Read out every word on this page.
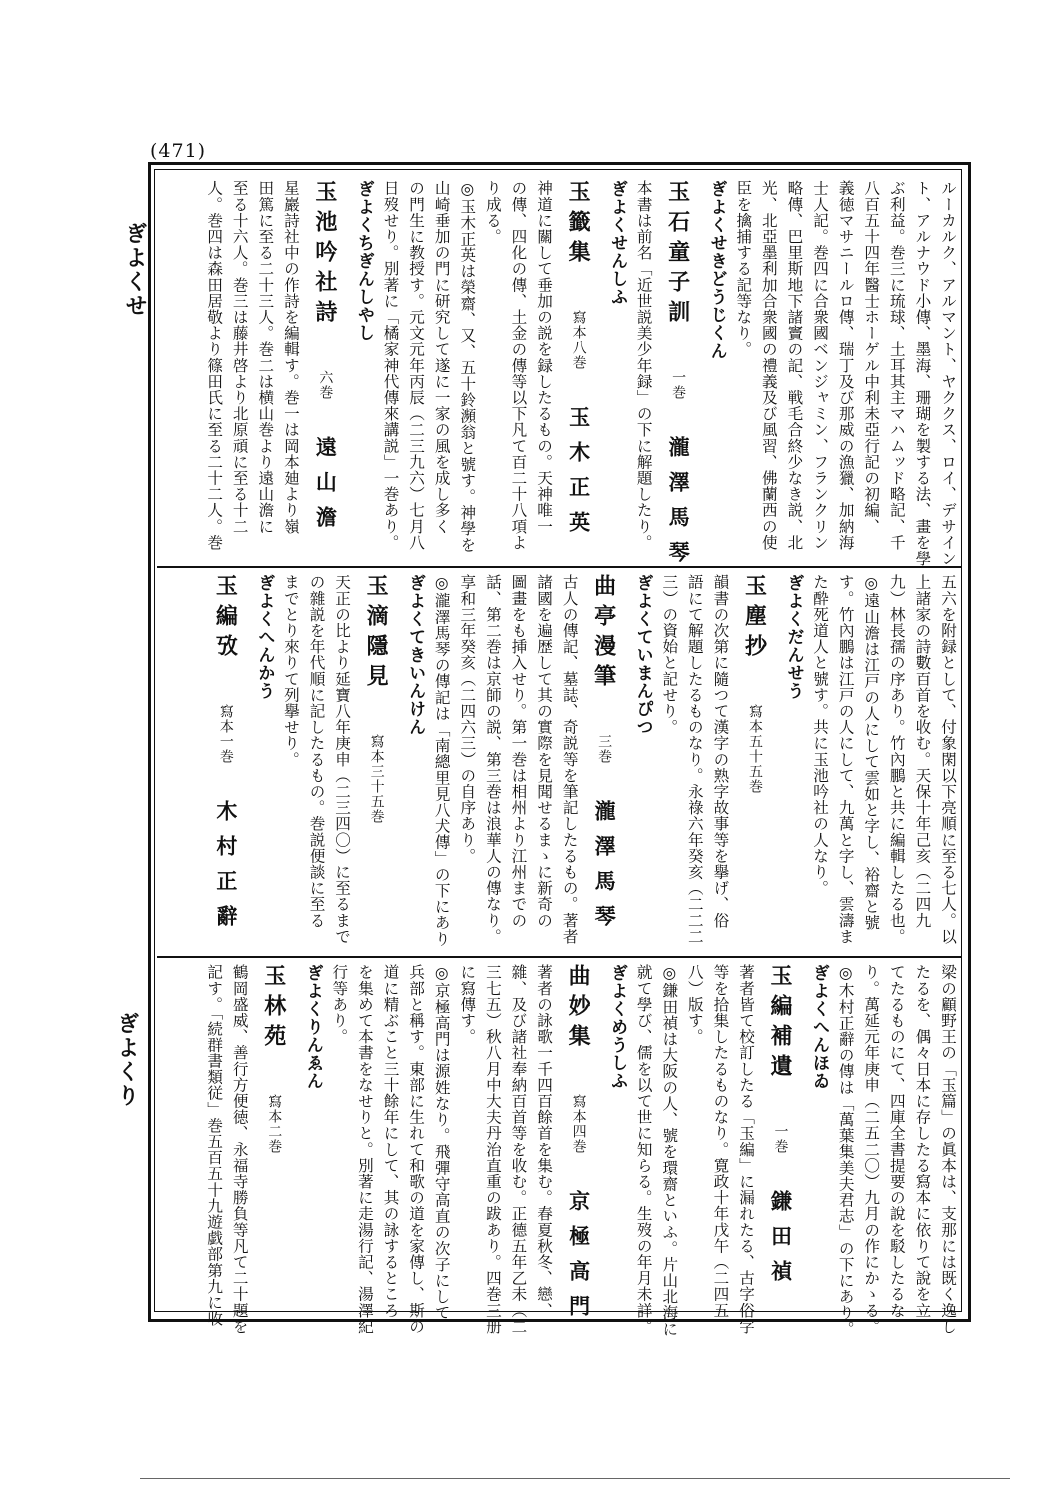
(471)
ぎよくせ
ぎよくり
ルーカルク、アルマント、ヤククス、ロイ、デサイン
ト、アルナウド小傳、墨海、珊瑚を製する法、畫を學
ぶ利益。巻三に琉球、土耳其主マハムッド略記、千
八百五十四年醫士ホーゲル中利未亞行記の初編、
義徳マサニールロ傳、瑞丁及び那威の漁獵、加納海
士人記。巻四に合衆國ベンジャミン、フランクリン
略傳、巴里斯地下諸竇の記、戦毛合終少なき説、北
光、北亞墨利加合衆國の禮義及び風習、佛蘭西の使
臣を擒捕する記等なり。
ぎよくせきどうじくん
玉石童子訓
一巻
瀧澤馬琴
本書は前名「近世説美少年録」の下に解題したり。
ぎよくせんしふ
玉籤集
寫本八巻
玉木正英
神道に關して垂加の説を録したるもの。天神唯一
の傳、四化の傳、土金の傳等以下凡て百二十八項よ
り成る。
◎玉木正英は榮齋、又、五十鈴瀕翁と號す。神學を
山崎垂加の門に研究して遂に一家の風を成し多く
の門生に教授す。元文元年丙辰（二三九六）七月八
日歿せり。別著に「橘家神代傳來講説」一巻あり。
ぎよくちぎんしやし
玉池吟社詩
六巻
遠山澹
星巖詩社中の作詩を編輯す。巻一は岡本廸より嶺
田篤に至る二十三人。巻二は横山巻より遠山澹に
至る十六人。巻三は藤井啓より北原頑に至る十二
人。巻四は森田居敬より篠田氏に至る二十二人。巻
五六を附録として、付象閑以下亮順に至る七人。以
上諸家の詩數百首を收む。天保十年己亥（二四九
九）林長孺の序あり。竹內鵬と共に編輯したる也。
◎遠山澹は江戸の人にして雲如と字し、裕齋と號
す。竹內鵬は江戸の人にして、九萬と字し、雲濤ま
た酔死道人と號す。共に玉池吟社の人なり。
ぎよくだんせう
玉塵抄
寫本五十五巻
韻書の次第に隨つて漢字の熟字故事等を擧げ、俗
語にて解題したるものなり。永祿六年癸亥（二二二
三）の資始と記せり。
ぎよくていまんぴつ
曲亭漫筆
三巻
瀧澤馬琴
古人の傳記、墓誌、奇説等を筆記したるもの。著者
諸國を遍歴して其の實際を見聞せるまゝに新奇の
圖畫をも挿入せり。第一巻は相州より江州までの
話、第二巻は京師の説、第三巻は浪華人の傳なり。
享和三年癸亥（二四六三）の自序あり。
◎瀧澤馬琴の傳記は「南總里見八犬傳」の下にあり
ぎよくてきいんけん
玉滴隱見
寫本三十五巻
天正の比より延寶八年庚申（二三四〇）に至るまで
の雜説を年代順に記したるもの。巻説便談に至る
までとり來りて列擧せり。
ぎよくへんかう
玉編攷
寫本一巻
木村正辭
梁の顧野王の「玉篇」の眞本は、支那には既く逸し
たるを、偶々日本に存したる寫本に依りて說を立
てたるものにて、四庫全書提要の說を駁したるな
り。萬延元年庚申（二五二〇）九月の作にかゝる。
◎木村正辭の傳は「萬葉集美夫君志」の下にあり。
ぎよくへんほゐ
玉編補遺
一巻
鎌田禎
著者皆て校訂したる「玉編」に漏れたる、古字俗字
等を拾集したるものなり。寛政十年戊午（二四五
八）版す。
◎鎌田禎は大阪の人、號を環齋といふ。片山北海に
就て學び、儒を以て世に知らる。生歿の年月未詳。
ぎよくめうしふ
曲妙集
寫本四巻
京極高門
著者の詠歌一千四百餘首を集む。春夏秋冬、戀、
雜、及び諸社奉納百首等を收む。正德五年乙未（二
三七五）秋八月中大夫丹治直重の跋あり。四巻三册
に寫傳す。
◎京極高門は源姓なり。飛彈守高直の次子にして
兵部と稱す。東部に生れて和歌の道を家傳し、斯の
道に精ぶこと三十餘年にして、其の詠するところ
を集めて本書をなせりと。別著に走湯行記、湯澤紀
行等あり。
ぎよくりんゑん
玉林苑
寫本二巻
鶴岡盛威、善行方便徳、永福寺勝負等凡て二十題を
記す。「続群書類従」巻五百五十九遊戯部第九に收
